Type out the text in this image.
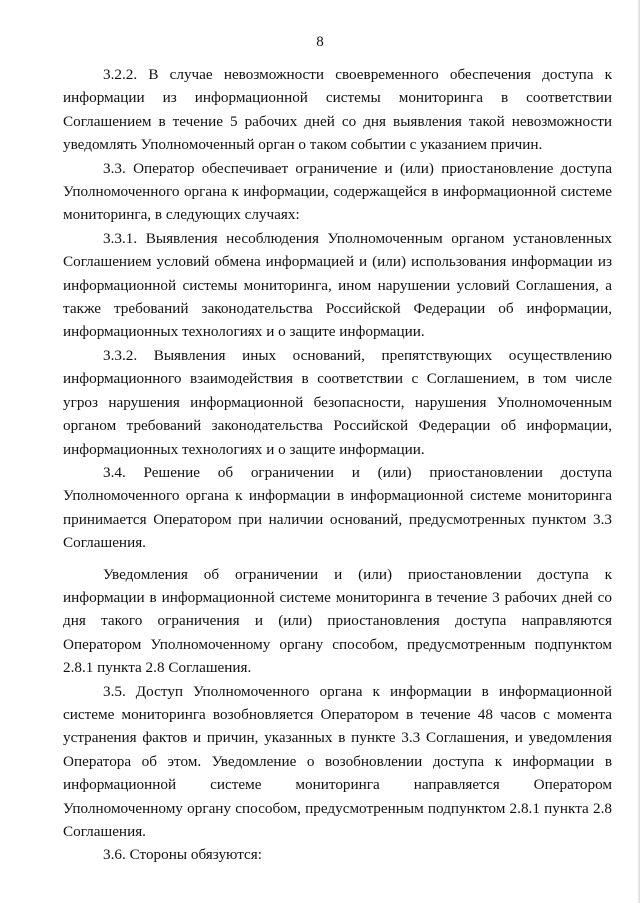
8

3.2.2. В случае невозможности своевременного обеспечения доступа к информации из информационной системы мониторинга в соответствии Соглашением в течение 5 рабочих дней со дня выявления такой невозможности уведомлять Уполномоченный орган о таком событии с указанием причин.

3.3. Оператор обеспечивает ограничение и (или) приостановление доступа Уполномоченного органа к информации, содержащейся в информационной системе мониторинга, в следующих случаях:

3.3.1. Выявления несоблюдения Уполномоченным органом установленных Соглашением условий обмена информацией и (или) использования информации из информационной системы мониторинга, ином нарушении условий Соглашения, а также требований законодательства Российской Федерации об информации, информационных технологиях и о защите информации.

3.3.2. Выявления иных оснований, препятствующих осуществлению информационного взаимодействия в соответствии с Соглашением, в том числе угроз нарушения информационной безопасности, нарушения Уполномоченным органом требований законодательства Российской Федерации об информации, информационных технологиях и о защите информации.

3.4. Решение об ограничении и (или) приостановлении доступа Уполномоченного органа к информации в информационной системе мониторинга принимается Оператором при наличии оснований, предусмотренных пунктом 3.3 Соглашения.

Уведомления об ограничении и (или) приостановлении доступа к информации в информационной системе мониторинга в течение 3 рабочих дней со дня такого ограничения и (или) приостановления доступа направляются Оператором Уполномоченному органу способом, предусмотренным подпунктом 2.8.1 пункта 2.8 Соглашения.

3.5. Доступ Уполномоченного органа к информации в информационной системе мониторинга возобновляется Оператором в течение 48 часов с момента устранения фактов и причин, указанных в пункте 3.3 Соглашения, и уведомления Оператора об этом. Уведомление о возобновлении доступа к информации в информационной системе мониторинга направляется Оператором Уполномоченному органу способом, предусмотренным подпунктом 2.8.1 пункта 2.8 Соглашения.

3.6. Стороны обязуются:
